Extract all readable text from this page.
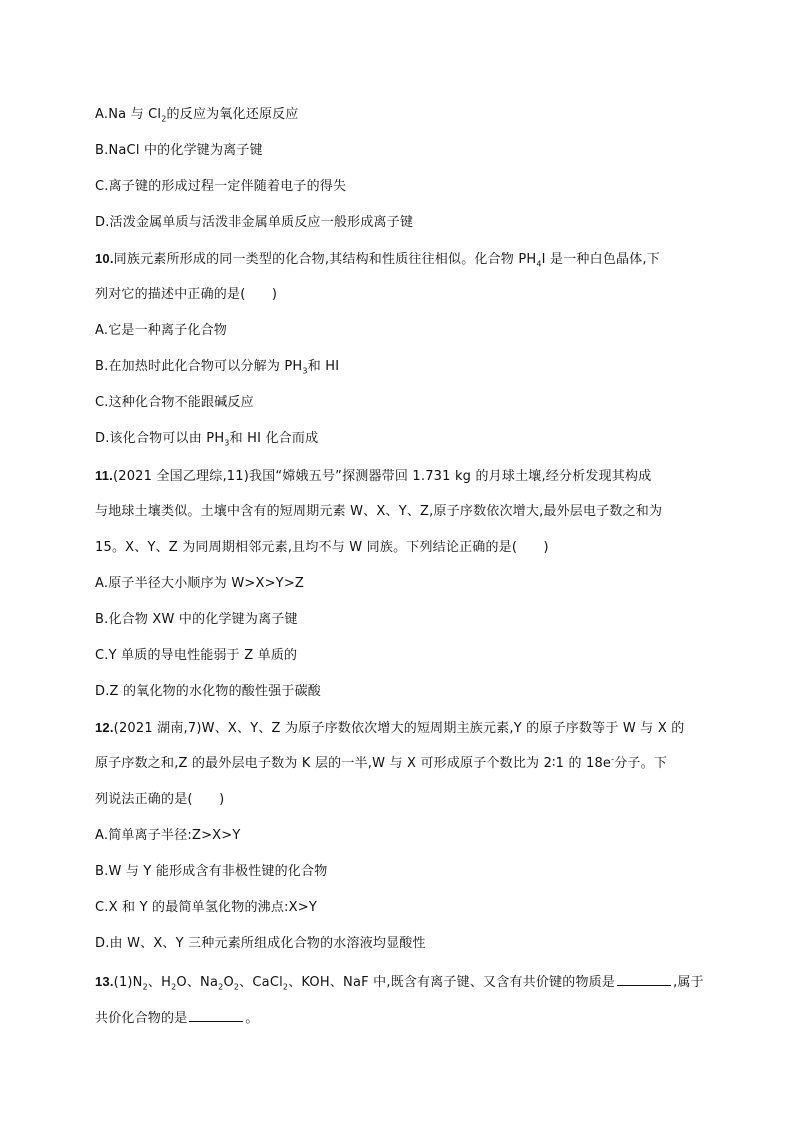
A.Na 与 $Cl_2$的反应为氧化还原反应
B.NaCl 中的化学键为离子键
C.离子键的形成过程一定伴随着电子的得失
D.活泼金属单质与活泼非金属单质反应一般形成离子键
10.同族元素所形成的同一类型的化合物,其结构和性质往往相似。化合物 $PH_4I$ 是一种白色晶体,下
列对它的描述中正确的是(　　)
A.它是一种离子化合物
B.在加热时此化合物可以分解为 $PH_3$和 HI
C.这种化合物不能跟碱反应
D.该化合物可以由 $PH_3$和 HI 化合而成
11.(2021 全国乙理综,11)我国“嫦娥五号”探测器带回 1.731 kg 的月球土壤,经分析发现其构成
与地球土壤类似。土壤中含有的短周期元素 W、X、Y、Z,原子序数依次增大,最外层电子数之和为
15。X、Y、Z 为同周期相邻元素,且均不与 W 同族。下列结论正确的是(　　)
A.原子半径大小顺序为 W>X>Y>Z
B.化合物 XW 中的化学键为离子键
C.Y 单质的导电性能弱于 Z 单质的
D.Z 的氧化物的水化物的酸性强于碳酸
12.(2021 湖南,7)W、X、Y、Z 为原子序数依次增大的短周期主族元素,Y 的原子序数等于 W 与 X 的
原子序数之和,Z 的最外层电子数为 K 层的一半,W 与 X 可形成原子个数比为 2∶1 的 18e-分子。下
列说法正确的是(　　)
A.简单离子半径:Z>X>Y
B.W 与 Y 能形成含有非极性键的化合物
C.X 和 Y 的最简单氢化物的沸点:X>Y
D.由 W、X、Y 三种元素所组成化合物的水溶液均显酸性
$13.(1)N_2$、$H_2O$、$Na_2O_2$、CaCl$_2$、KOH、NaF 中,既含有离子键、又含有共价键的物质是	,属于
共价化合物的是	。
